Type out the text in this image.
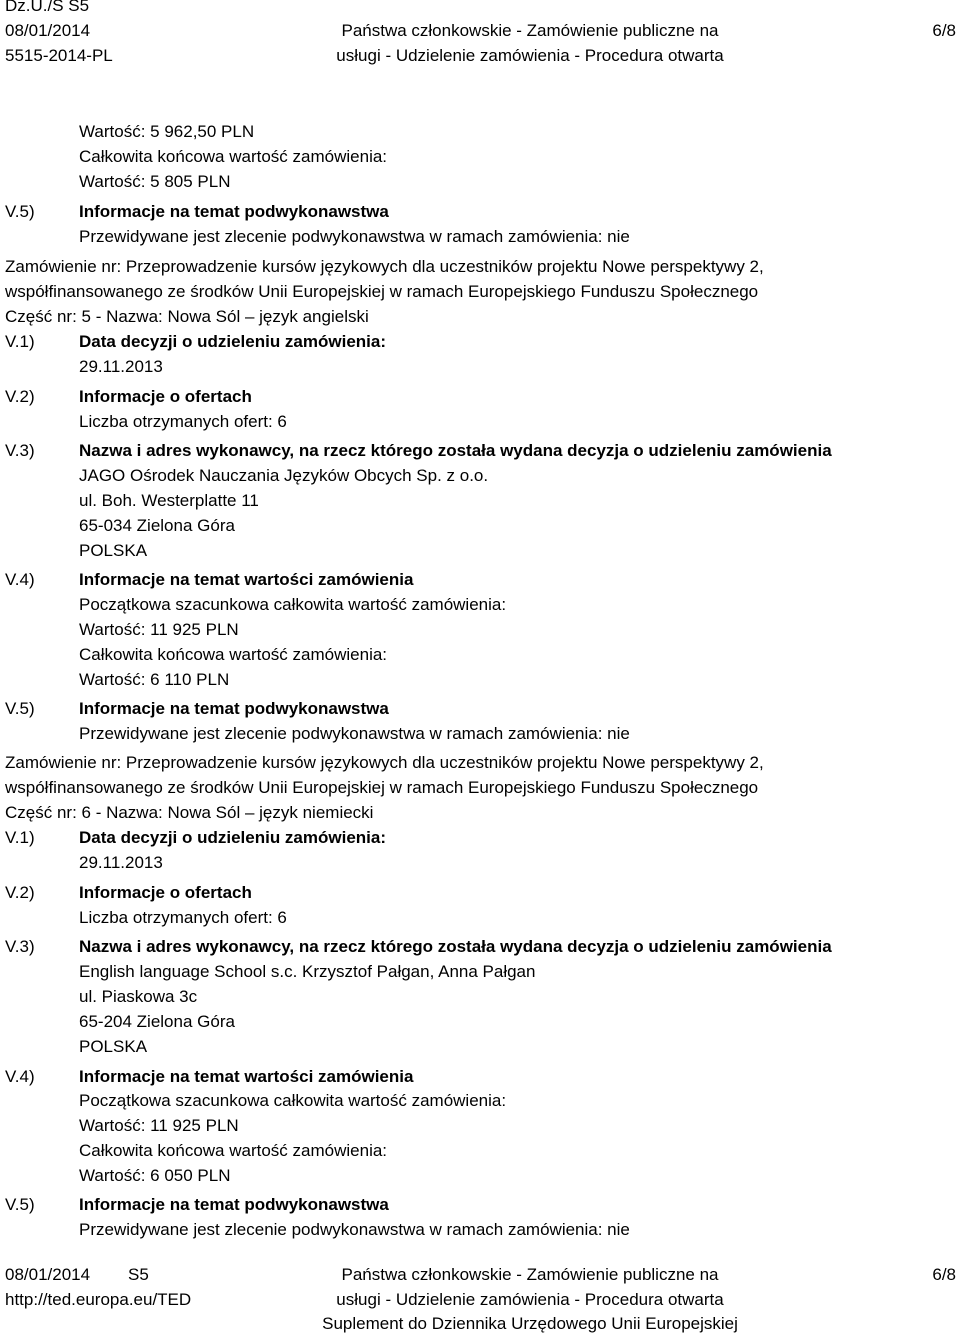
Dz.U./S S5
08/01/2014
5515-2014-PL
Państwa członkowskie - Zamówienie publiczne na
usługi - Udzielenie zamówienia - Procedura otwarta
6/8
Wartość: 5 962,50 PLN
Całkowita końcowa wartość zamówienia:
Wartość: 5 805 PLN
V.5)	Informacje na temat podwykonawstwa
Przewidywane jest zlecenie podwykonawstwa w ramach zamówienia: nie
Zamówienie nr: Przeprowadzenie kursów językowych dla uczestników projektu Nowe perspektywy 2,
współfinansowanego ze środków Unii Europejskiej w ramach Europejskiego Funduszu Społecznego
Część nr: 5 - Nazwa: Nowa Sól – język angielski
V.1)	Data decyzji o udzieleniu zamówienia:
29.11.2013
V.2)	Informacje o ofertach
Liczba otrzymanych ofert: 6
V.3)	Nazwa i adres wykonawcy, na rzecz którego została wydana decyzja o udzieleniu zamówienia
JAGO Ośrodek Nauczania Języków Obcych Sp. z o.o.
ul. Boh. Westerplatte 11
65-034 Zielona Góra
POLSKA
V.4)	Informacje na temat wartości zamówienia
Początkowa szacunkowa całkowita wartość zamówienia:
Wartość: 11 925 PLN
Całkowita końcowa wartość zamówienia:
Wartość: 6 110 PLN
V.5)	Informacje na temat podwykonawstwa
Przewidywane jest zlecenie podwykonawstwa w ramach zamówienia: nie
Zamówienie nr: Przeprowadzenie kursów językowych dla uczestników projektu Nowe perspektywy 2,
współfinansowanego ze środków Unii Europejskiej w ramach Europejskiego Funduszu Społecznego
Część nr: 6 - Nazwa: Nowa Sól – język niemiecki
V.1)	Data decyzji o udzieleniu zamówienia:
29.11.2013
V.2)	Informacje o ofertach
Liczba otrzymanych ofert: 6
V.3)	Nazwa i adres wykonawcy, na rzecz którego została wydana decyzja o udzieleniu zamówienia
English language School s.c. Krzysztof Pałgan, Anna Pałgan
ul. Piaskowa 3c
65-204 Zielona Góra
POLSKA
V.4)	Informacje na temat wartości zamówienia
Początkowa szacunkowa całkowita wartość zamówienia:
Wartość: 11 925 PLN
Całkowita końcowa wartość zamówienia:
Wartość: 6 050 PLN
V.5)	Informacje na temat podwykonawstwa
Przewidywane jest zlecenie podwykonawstwa w ramach zamówienia: nie
08/01/2014 S5
http://ted.europa.eu/TED
Państwa członkowskie - Zamówienie publiczne na
usługi - Udzielenie zamówienia - Procedura otwarta
Suplement do Dziennika Urzędowego Unii Europejskiej
6/8
